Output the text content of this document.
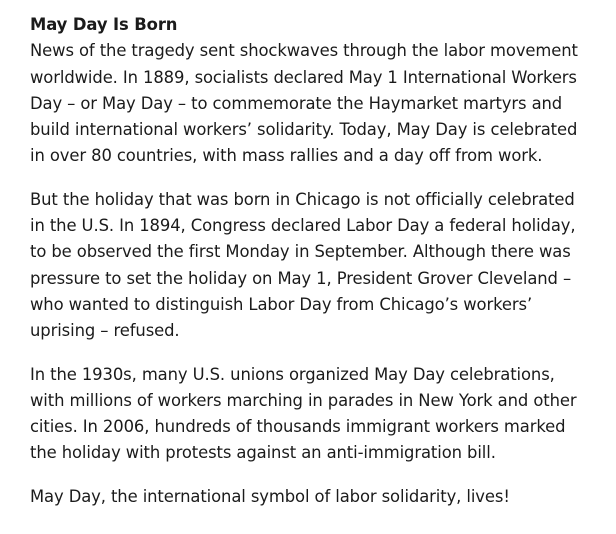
May Day Is Born

News of the tragedy sent shockwaves through the labor movement worldwide. In 1889, socialists declared May 1 International Workers Day – or May Day – to commemorate the Haymarket martyrs and build international workers’ solidarity. Today, May Day is celebrated in over 80 countries, with mass rallies and a day off from work.

But the holiday that was born in Chicago is not officially celebrated in the U.S. In 1894, Congress declared Labor Day a federal holiday, to be observed the first Monday in September. Although there was pressure to set the holiday on May 1, President Grover Cleveland – who wanted to distinguish Labor Day from Chicago’s workers’ uprising – refused.

In the 1930s, many U.S. unions organized May Day celebrations, with millions of workers marching in parades in New York and other cities. In 2006, hundreds of thousands immigrant workers marked the holiday with protests against an anti-immigration bill.

May Day, the international symbol of labor solidarity, lives!
